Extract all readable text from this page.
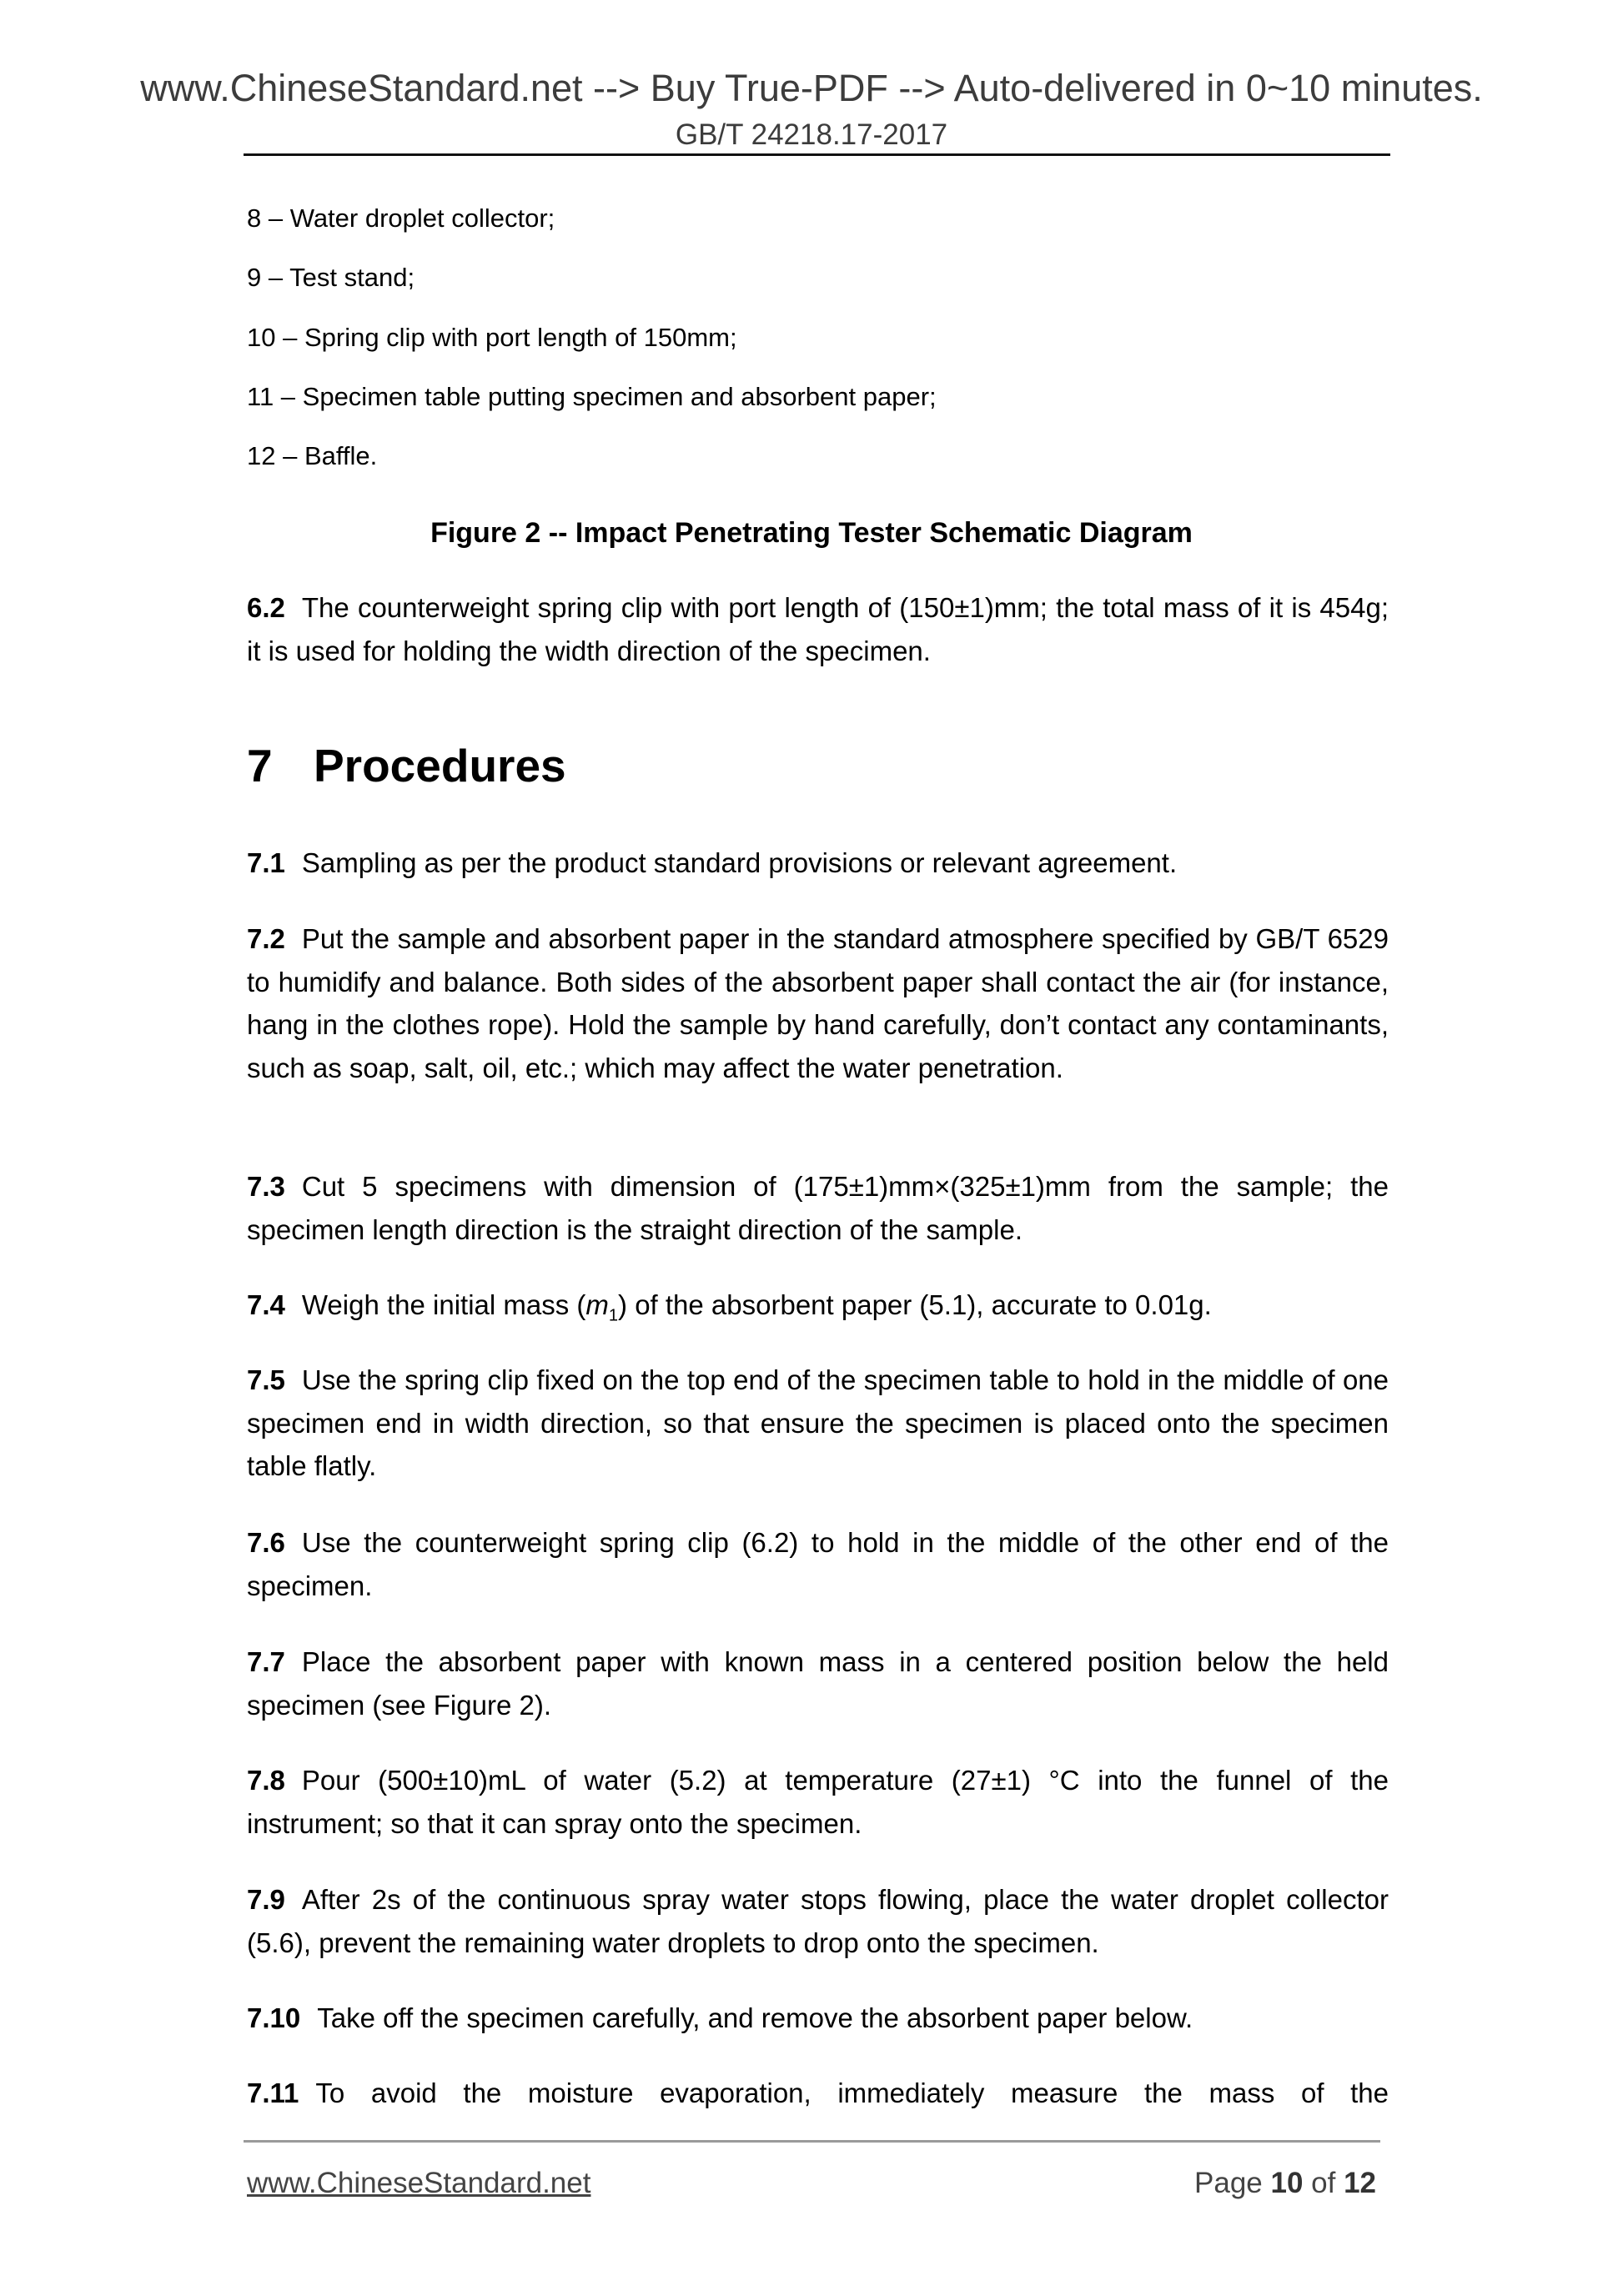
www.ChineseStandard.net --> Buy True-PDF --> Auto-delivered in 0~10 minutes.
GB/T 24218.17-2017
8 – Water droplet collector;
9 – Test stand;
10 – Spring clip with port length of 150mm;
11 – Specimen table putting specimen and absorbent paper;
12 – Baffle.
Figure 2 -- Impact Penetrating Tester Schematic Diagram
6.2 The counterweight spring clip with port length of (150±1)mm; the total mass of it is 454g; it is used for holding the width direction of the specimen.
7 Procedures
7.1 Sampling as per the product standard provisions or relevant agreement.
7.2 Put the sample and absorbent paper in the standard atmosphere specified by GB/T 6529 to humidify and balance. Both sides of the absorbent paper shall contact the air (for instance, hang in the clothes rope). Hold the sample by hand carefully, don’t contact any contaminants, such as soap, salt, oil, etc.; which may affect the water penetration.
7.3 Cut 5 specimens with dimension of (175±1)mm×(325±1)mm from the sample; the specimen length direction is the straight direction of the sample.
7.4 Weigh the initial mass $(m_1)$ of the absorbent paper (5.1), accurate to 0.01g.
7.5 Use the spring clip fixed on the top end of the specimen table to hold in the middle of one specimen end in width direction, so that ensure the specimen is placed onto the specimen table flatly.
7.6 Use the counterweight spring clip (6.2) to hold in the middle of the other end of the specimen.
7.7 Place the absorbent paper with known mass in a centered position below the held specimen (see Figure 2).
7.8 Pour (500±10)mL of water (5.2) at temperature (27±1) °C into the funnel of the instrument; so that it can spray onto the specimen.
7.9 After 2s of the continuous spray water stops flowing, place the water droplet collector (5.6), prevent the remaining water droplets to drop onto the specimen.
7.10 Take off the specimen carefully, and remove the absorbent paper below.
7.11 To avoid the moisture evaporation, immediately measure the mass of the
www.ChineseStandard.net	Page 10 of 12
